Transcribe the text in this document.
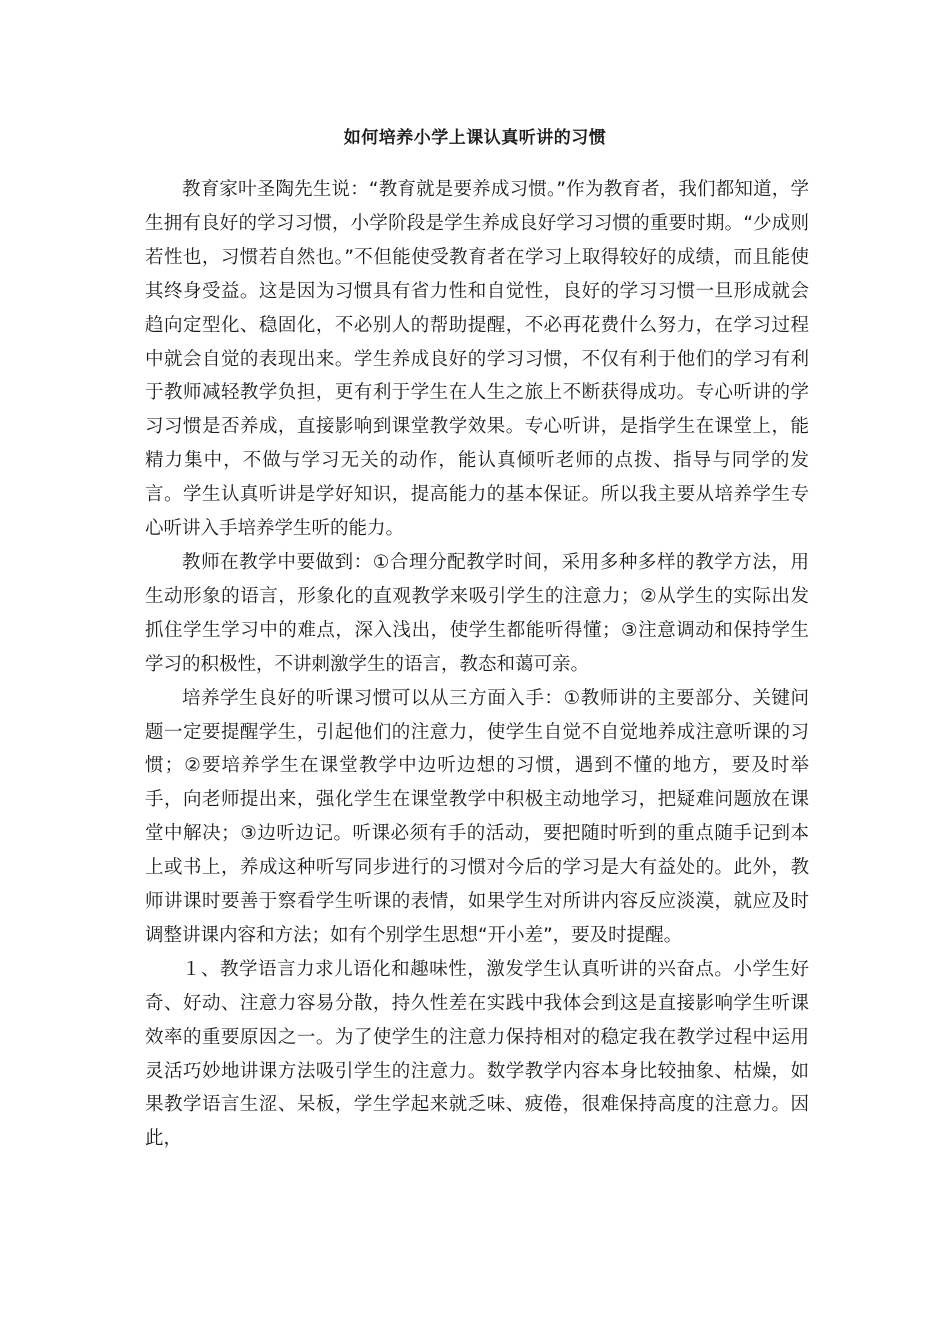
如何培养小学上课认真听讲的习惯

教育家叶圣陶先生说：“教育就是要养成习惯。”作为教育者，我们都知道，学生拥有良好的学习习惯，小学阶段是学生养成良好学习习惯的重要时期。“少成则若性也，习惯若自然也。”不但能使受教育者在学习上取得较好的成绩，而且能使其终身受益。这是因为习惯具有省力性和自觉性，良好的学习习惯一旦形成就会趋向定型化、稳固化，不必别人的帮助提醒，不必再花费什么努力，在学习过程中就会自觉的表现出来。学生养成良好的学习习惯，不仅有利于他们的学习有利于教师减轻教学负担，更有利于学生在人生之旅上不断获得成功。专心听讲的学习习惯是否养成，直接影响到课堂教学效果。专心听讲，是指学生在课堂上，能精力集中，不做与学习无关的动作，能认真倾听老师的点拨、指导与同学的发言。学生认真听讲是学好知识，提高能力的基本保证。所以我主要从培养学生专心听讲入手培养学生听的能力。

教师在教学中要做到：①合理分配教学时间，采用多种多样的教学方法，用生动形象的语言，形象化的直观教学来吸引学生的注意力；②从学生的实际出发抓住学生学习中的难点，深入浅出，使学生都能听得懂；③注意调动和保持学生学习的积极性，不讲刺激学生的语言，教态和蔼可亲。

培养学生良好的听课习惯可以从三方面入手：①教师讲的主要部分、关键问题一定要提醒学生，引起他们的注意力，使学生自觉不自觉地养成注意听课的习惯；②要培养学生在课堂教学中边听边想的习惯，遇到不懂的地方，要及时举手，向老师提出来，强化学生在课堂教学中积极主动地学习，把疑难问题放在课堂中解决；③边听边记。听课必须有手的活动，要把随时听到的重点随手记到本上或书上，养成这种听写同步进行的习惯对今后的学习是大有益处的。此外，教师讲课时要善于察看学生听课的表情，如果学生对所讲内容反应淡漠，就应及时调整讲课内容和方法；如有个别学生思想“开小差”，要及时提醒。

１、教学语言力求儿语化和趣味性，激发学生认真听讲的兴奋点。小学生好奇、好动、注意力容易分散，持久性差在实践中我体会到这是直接影响学生听课效率的重要原因之一。为了使学生的注意力保持相对的稳定我在教学过程中运用灵活巧妙地讲课方法吸引学生的注意力。数学教学内容本身比较抽象、枯燥，如果教学语言生涩、呆板，学生学起来就乏味、疲倦，很难保持高度的注意力。因此，
